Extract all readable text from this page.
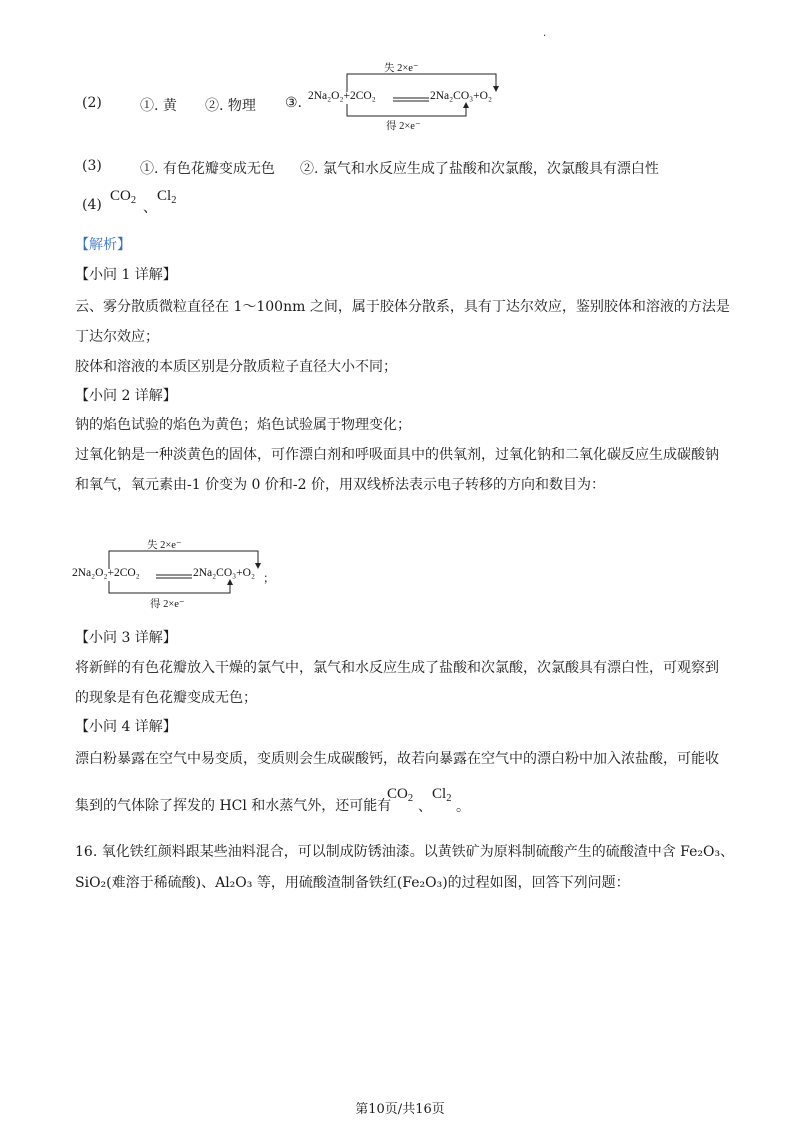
.
(2)	①. 黄 ②. 物理 ③.
失 2×e⁻
2Na₂O₂+2CO₂	2Na₂CO₃+O₂
得 2×e⁻
(3)	①. 有色花瓣变成无色 ②. 氯气和水反应生成了盐酸和次氯酸，次氯酸具有漂白性
(4)
$CO_2$ 、
$Cl_2$
【解析】
【小问 1 详解】
云、雾分散质微粒直径在 1～100nm 之间，属于胶体分散系，具有丁达尔效应，鉴别胶体和溶液的方法是
丁达尔效应；
胶体和溶液的本质区别是分散质粒子直径大小不同；
【小问 2 详解】
钠的焰色试验的焰色为黄色；焰色试验属于物理变化；
过氧化钠是一种淡黄色的固体，可作漂白剂和呼吸面具中的供氧剂，过氧化钠和二氧化碳反应生成碳酸钠
和氧气，氧元素由-1 价变为 0 价和-2 价，用双线桥法表示电子转移的方向和数目为：
失 2×e⁻
2Na₂O₂+2CO₂	2Na₂CO₃+O₂ ；
得 2×e⁻
【小问 3 详解】
将新鲜的有色花瓣放入干燥的氯气中，氯气和水反应生成了盐酸和次氯酸，次氯酸具有漂白性，可观察到
的现象是有色花瓣变成无色；
【小问 4 详解】
漂白粉暴露在空气中易变质，变质则会生成碳酸钙，故若向暴露在空气中的漂白粉中加入浓盐酸，可能收
集到的气体除了挥发的 HCl 和水蒸气外，还可能有
$CO_2$
、
$Cl_2$
。
16. 氧化铁红颜料跟某些油料混合，可以制成防锈油漆。以黄铁矿为原料制硫酸产生的硫酸渣中含 Fe₂O₃、
SiO₂(难溶于稀硫酸)、Al₂O₃ 等，用硫酸渣制备铁红(Fe₂O₃)的过程如图，回答下列问题：
第10页/共16页
